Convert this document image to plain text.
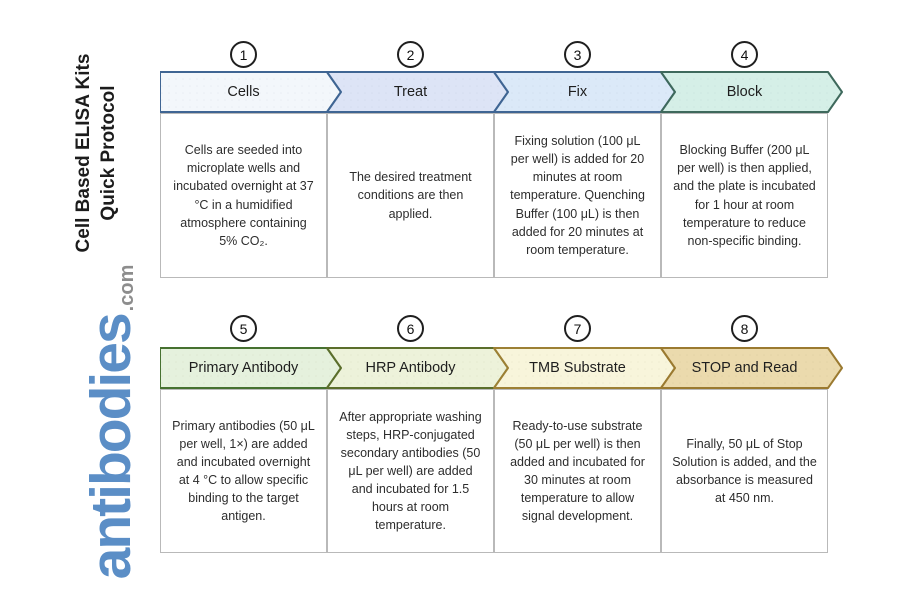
Cell Based ELISA Kits Quick Protocol
antibodies
.com
1	2	3	4
Cells	Treat	Fix	Block

Cells are seeded into microplate wells and incubated overnight at 37 °C in a humidified atmosphere containing 5% CO₂.

The desired treatment conditions are then applied.

Fixing solution (100 μL per well) is added for 20 minutes at room temperature. Quenching Buffer (100 μL) is then added for 20 minutes at room temperature.

Blocking Buffer (200 μL per well) is then applied, and the plate is incubated for 1 hour at room temperature to reduce non-specific binding.

5	6	7	8
Primary Antibody	HRP Antibody	TMB Substrate	STOP and Read

Primary antibodies (50 μL per well, 1×) are added and incubated overnight at 4 °C to allow specific binding to the target antigen.

After appropriate washing steps, HRP-conjugated secondary antibodies (50 μL per well) are added and incubated for 1.5 hours at room temperature.

Ready-to-use substrate (50 μL per well) is then added and incubated for 30 minutes at room temperature to allow signal development.

Finally, 50 μL of Stop Solution is added, and the absorbance is measured at 450 nm.
